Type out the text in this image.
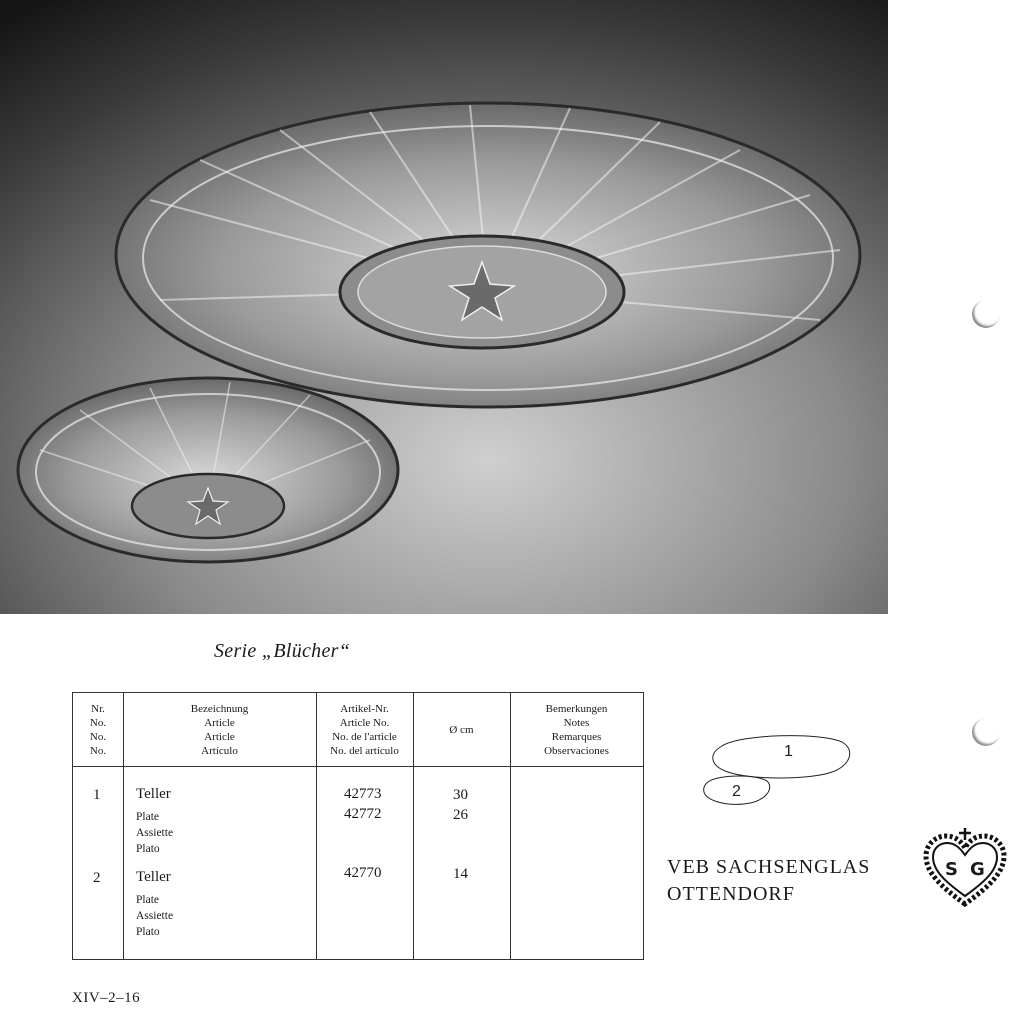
Serie „Blücher“
Nr.
No.
No.
No.
Bezeichnung
Article
Article
Artículo
Artikel-Nr.
Article No.
No. de l'article
No. del artículo
Ø cm
Bemerkungen
Notes
Remarques
Observaciones
1 Teller
Plate
Assiette
Plato
42773
42772
30
26
2 Teller
Plate
Assiette
Plato
42770	14
1
2
VEB SACHSENGLAS
OTTENDORF
S G
XIV–2–16
